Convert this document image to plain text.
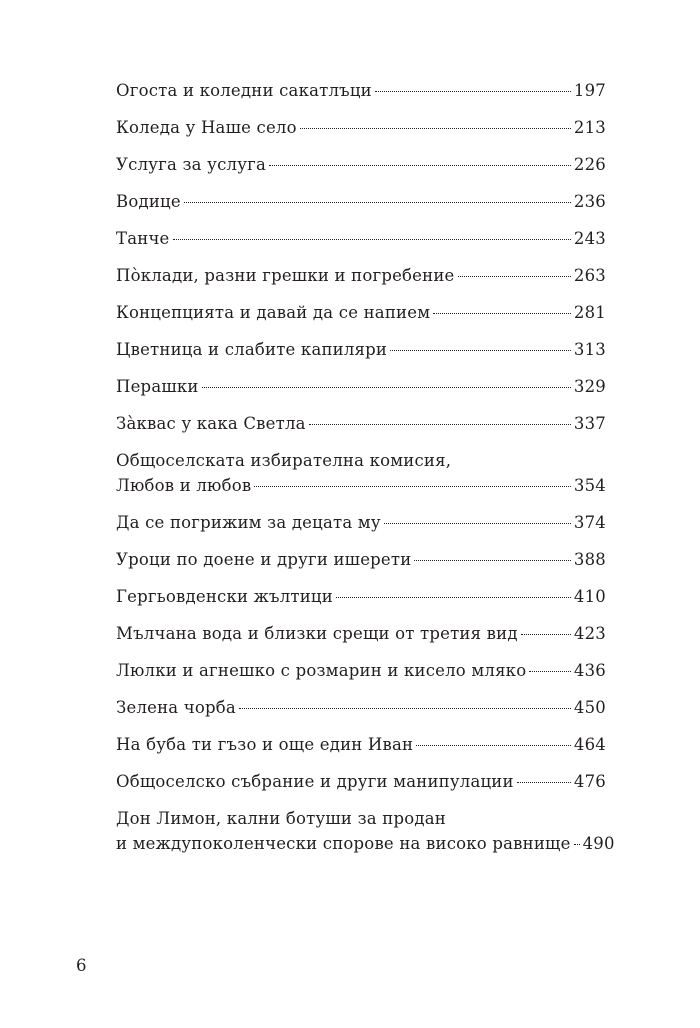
Огоста и коледни сакатлъци	197
Коледа у Наше село	213
Услуга за услуга	226
Водице	236
Танче	243
Пòклади, разни грешки и погребение	263
Концепцията и давай да се напием	281
Цветница и слабите капиляри	313
Перашки	329
Зàквас у кака Светла	337
Общоселската избирателна комисия,
Любов и любов	354
Да се погрижим за децата му	374
Уроци по доене и други ишерети	388
Гергьовденски жълтици	410
Мълчана вода и близки срещи от третия вид	423
Люлки и агнешко с розмарин и кисело мляко	436
Зелена чорба	450
На буба ти гъзо и още един Иван	464
Общоселско събрание и други манипулации	476
Дон Лимон, кални ботуши за продан
и междупоколенчески спорове на високо равнище 490
6
